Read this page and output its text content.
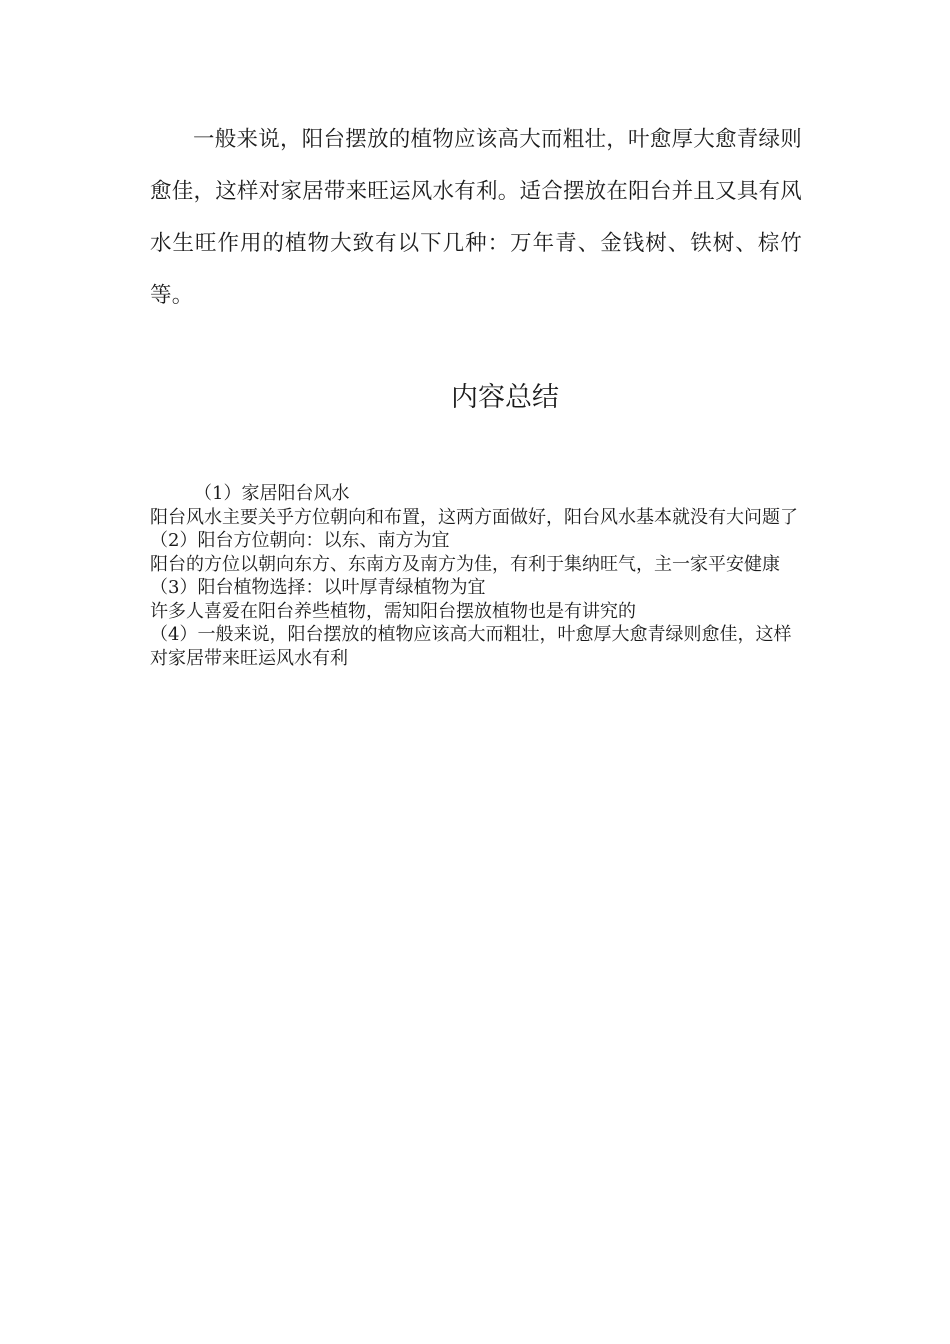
一般来说，阳台摆放的植物应该高大而粗壮，叶愈厚大愈青绿则愈佳，这样对家居带来旺运风水有利。适合摆放在阳台并且又具有风水生旺作用的植物大致有以下几种：万年青、金钱树、铁树、棕竹等。

内容总结

（1）家居阳台风水

阳台风水主要关乎方位朝向和布置，这两方面做好，阳台风水基本就没有大问题了

（2）阳台方位朝向：以东、南方为宜

阳台的方位以朝向东方、东南方及南方为佳，有利于集纳旺气，主一家平安健康

（3）阳台植物选择：以叶厚青绿植物为宜

许多人喜爱在阳台养些植物，需知阳台摆放植物也是有讲究的

（4）一般来说，阳台摆放的植物应该高大而粗壮，叶愈厚大愈青绿则愈佳，这样对家居带来旺运风水有利
